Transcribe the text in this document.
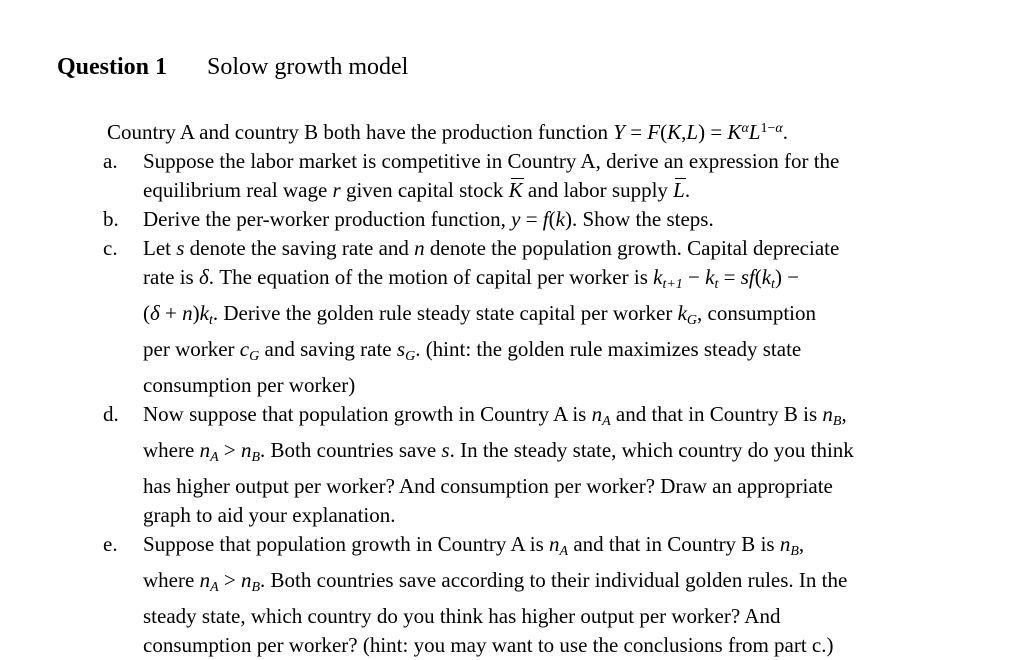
Question 1 Solow growth model

Country A and country B both have the production function $Y = F(K,L) = K^\alpha L^{1-\alpha}$.
a. Suppose the labor market is competitive in Country A, derive an expression for the
equilibrium real wage r given capital stock K and labor supply L.
b. Derive the per-worker production function, y = f(k). Show the steps.
c. Let s denote the saving rate and n denote the population growth. Capital depreciate
rate is δ. The equation of the motion of capital per worker is kt+1 − kt = sf(kt) −
(δ + n)kt. Derive the golden rule steady state capital per worker kG, consumption
per worker cG and saving rate sG. (hint: the golden rule maximizes steady state
consumption per worker)
d. Now suppose that population growth in Country A is nA and that in Country B is nB,
where nA > nB. Both countries save s. In the steady state, which country do you think
has higher output per worker? And consumption per worker? Draw an appropriate
graph to aid your explanation.
e. Suppose that population growth in Country A is nA and that in Country B is nB,
where nA > nB. Both countries save according to their individual golden rules. In the
steady state, which country do you think has higher output per worker? And
consumption per worker? (hint: you may want to use the conclusions from part c.)
